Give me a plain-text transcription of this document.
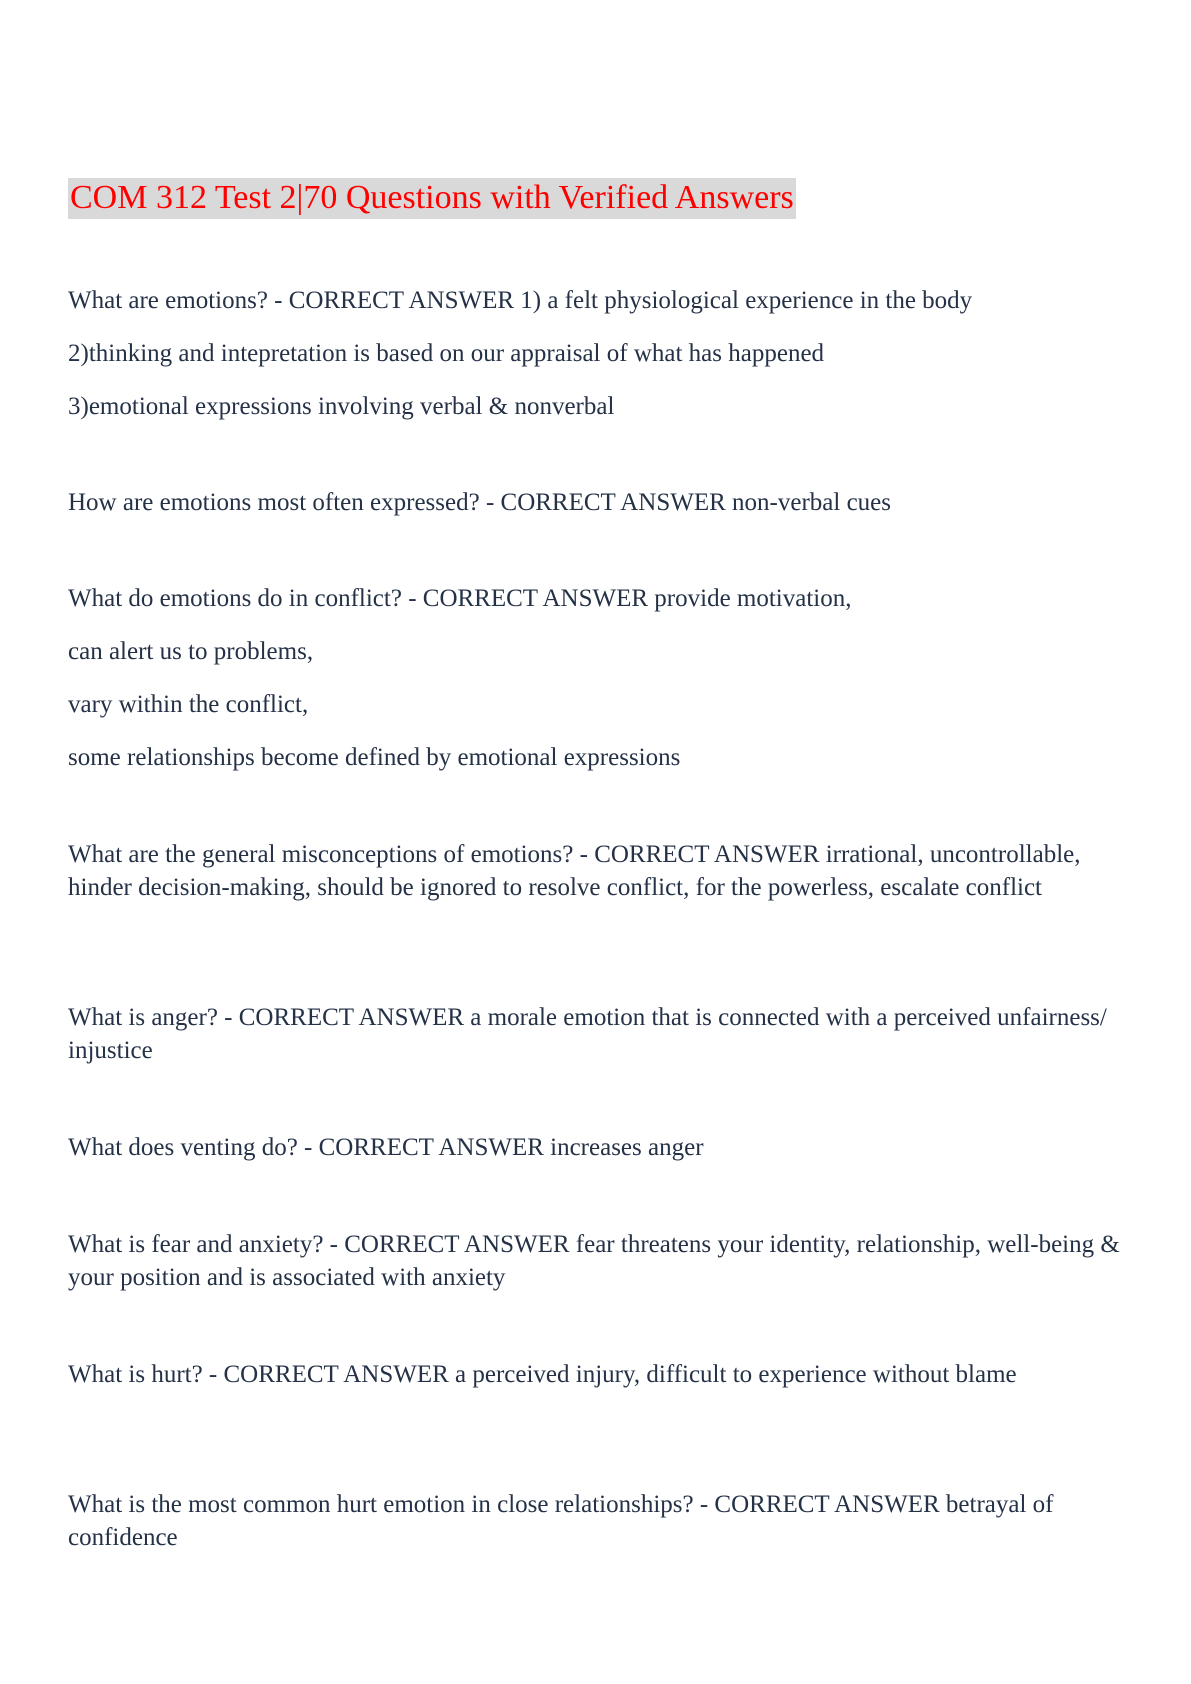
COM 312 Test 2|70 Questions with Verified Answers
What are emotions? - CORRECT ANSWER 1) a felt physiological experience in the body
2)thinking and intepretation is based on our appraisal of what has happened
3)emotional expressions involving verbal & nonverbal
How are emotions most often expressed? - CORRECT ANSWER non-verbal cues
What do emotions do in conflict? - CORRECT ANSWER provide motivation,
can alert us to problems,
vary within the conflict,
some relationships become defined by emotional expressions

What are the general misconceptions of emotions? - CORRECT ANSWER irrational, uncontrollable, hinder decision-making, should be ignored to resolve conflict, for the powerless, escalate conflict

What is anger? - CORRECT ANSWER a morale emotion that is connected with a perceived unfairness/ injustice

What does venting do? - CORRECT ANSWER increases anger

What is fear and anxiety? - CORRECT ANSWER fear threatens your identity, relationship, well-being & your position and is associated with anxiety

What is hurt? - CORRECT ANSWER a perceived injury, difficult to experience without blame

What is the most common hurt emotion in close relationships? - CORRECT ANSWER betrayal of confidence
